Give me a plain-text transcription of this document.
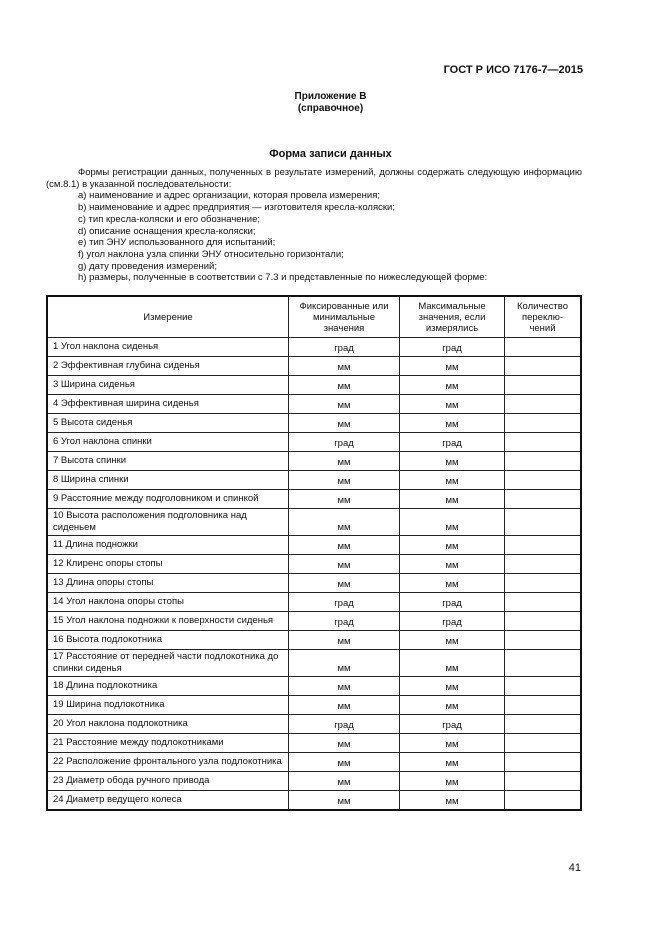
ГОСТ Р ИСО 7176-7—2015
Приложение В
(справочное)
Форма записи данных
Формы регистрации данных, полученных в результате измерений, должны содержать следующую информацию (см.8.1) в указанной последовательности:
a) наименование и адрес организации, которая провела измерения;
b) наименование и адрес предприятия — изготовителя кресла-коляски;
c) тип кресла-коляски и его обозначение;
d) описание оснащения кресла-коляски;
e) тип ЭНУ использованного для испытаний;
f) угол наклона узла спинки ЭНУ относительно горизонтали;
g) дату проведения измерений;
h) размеры, полученные в соответствии с 7.3 и представленные по нижеследующей форме:
Измерение	Фиксированные или минимальные значения	Максимальные значения, если измерялись	Количество переклю-чений
1 Угол наклона сиденья	град	град	
2 Эффективная глубина сиденья	мм	мм	
3 Ширина сиденья	мм	мм	
4 Эффективная ширина сиденья	мм	мм	
5 Высота сиденья	мм	мм	
6 Угол наклона спинки	град	град	
7 Высота спинки	мм	мм	
8 Ширина спинки	мм	мм	
9 Расстояние между подголовником и спинкой	мм	мм	
10 Высота расположения подголовника над сиденьем	мм	мм	
11 Длина подножки	мм	мм	
12 Клиренс опоры стопы	мм	мм	
13 Длина опоры стопы	мм	мм	
14 Угол наклона опоры стопы	град	град	
15 Угол наклона подножки к поверхности сиденья	град	град	
16 Высота подлокотника	мм	мм	
17 Расстояние от передней части подлокотника до спинки сиденья	мм	мм	
18 Длина подлокотника	мм	мм	
19 Ширина подлокотника	мм	мм	
20 Угол наклона подлокотника	град	град	
21 Расстояние между подлокотниками	мм	мм	
22 Расположение фронтального узла подлокотника	мм	мм	
23 Диаметр обода ручного привода	мм	мм	
24 Диаметр ведущего колеса	мм	мм	
41
